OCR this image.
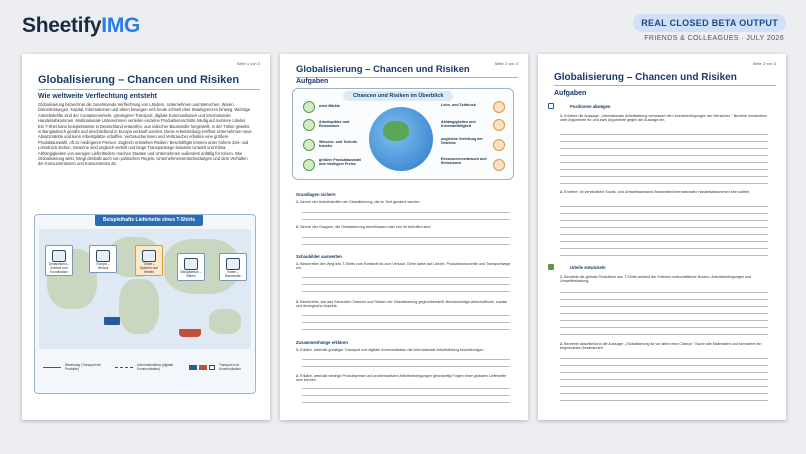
SheetifyIMG	REAL CLOSED BETA OUTPUT
FRIENDS & COLLEAGUES · JULY 2026
Seite 1 von 3
Globalisierung – Chancen und Risiken
Wie weltweite Verflechtung entsteht
Globalisierung bezeichnet die zunehmende Verflechtung von Ländern, Unternehmen und Menschen. Waren, Dienstleistungen, Kapital, Informationen und Ideen bewegen sich heute schnell über Staatsgrenzen hinweg. Wichtige Antriebskräfte sind der Containerverkehr, günstigerer Transport, digitale Kommunikation und internationale Handelsabkommen. Multinationale Unternehmen verteilen einzelne Produktionsschritte häufig auf mehrere Länder. Ein T-Shirt kann beispielsweise in Deutschland entworfen, aus indischer Baumwolle hergestellt, in der Türkei gewebt, in Bangladesch genäht und anschließend in Europa verkauft werden. Diese Arbeitsteilung eröffnet Unternehmen neue Absatzmärkte und kann Arbeitsplätze schaffen. Verbraucherinnen und Verbraucher erhalten eine größere Produktauswahl, oft zu niedrigeren Preisen. Zugleich entstehen Risiken: Beschäftigte können unter hohem Zeit- und Lohndruck stehen, Gewinne sind ungleich verteilt und lange Transportwege belasten Umwelt und Klima. Abhängigkeiten von wenigen Lieferländern machen Staaten und Unternehmen außerdem anfällig für Krisen. Wie Globalisierung wirkt, hängt deshalb auch von politischen Regeln, Unternehmensentscheidungen und dem Verhalten der Konsumentinnen und Konsumenten ab.
Beispielhafte Lieferkette eines T-Shirts
Deutschland – Entwurf und Koordination
Europa – Verkauf
Türkei – Spinnen und Weben	Bangladesch – Nähen
Indien – Baumwolle
Warenweg (Transport der Produkte)
Informationsfluss (digitale Kommunikation)
Transport und Kommunikation
Seite 2 von 3
Globalisierung – Chancen und Risiken
Aufgaben
Chancen und Risiken im Überblick
neue Märkte
Arbeitsplätze und Einkommen
Wissens- und Techniktransfer
größere Produktauswahl und niedrigere Preise
Lohn- und Zeitdruck
Abhängigkeiten und Krisenanfälligkeit
ungleiche Verteilung der Gewinne
Ressourcenverbrauch und Emissionen
Grundlagen sichern
1. Nenne vier Antriebskräfte der Globalisierung, die im Text genannt werden.
2. Nenne vier Gruppen, die Globalisierung beeinflussen oder von ihr betroffen sind.
Schaubilder auswerten
1. Beschreibe den Weg des T-Shirts vom Rohstoff bis zum Verkauf. Gehe dabei auf Länder, Produktionsschritte und Transportwege ein.
2. Beschreibe, wie das Schaubild Chancen und Risiken der Globalisierung gegenüberstellt. Berücksichtige wirtschaftliche, soziale und ökologische Aspekte.
Zusammenhänge erklären
1. Erkläre, weshalb günstiger Transport und digitale Kommunikation die internationale Arbeitsteilung beschleunigen.
2. Erkläre, weshalb niedrige Produktpreise und problematische Arbeitsbedingungen gleichzeitig Folgen einer globalen Lieferkette sein können.
Seite 3 von 3
Globalisierung – Chancen und Risiken
Aufgaben
Positionen abwägen
1. Erörtere die Aussage: „Internationale Arbeitsteilung verbessert die Lebensbedingungen der Menschen." Beziehe mindestens zwei Argumente für und zwei Argumente gegen die Aussage ein.
2. Erörtere, ob verbindliche Sozial- und Umweltstandards Bestandteil internationaler Handelsabkommen sein sollten.
Urteile entwickeln
1. Beurteile die globale Produktion des T-Shirts anhand der Kriterien wirtschaftlicher Nutzen, Arbeitsbedingungen und Umweltbelastung.
2. Beurteile abschließend die Aussage: „Globalisierung ist vor allem eine Chance." Nutze alle Materialien und formuliere ein begründetes Gesamturteil.
